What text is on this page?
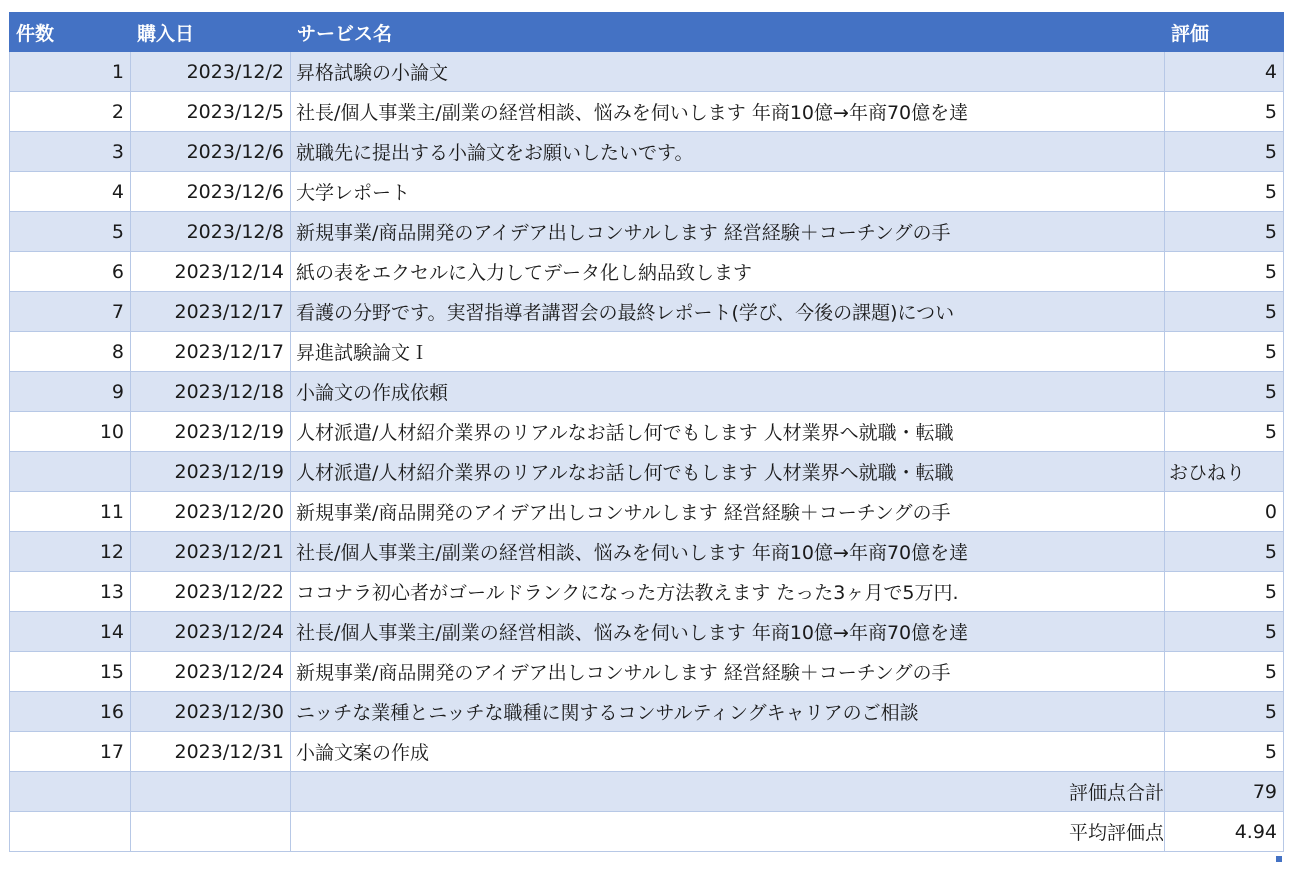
件数	購入日	サービス名	評価
1	2023/12/2	昇格試験の小論文	4
2	2023/12/5	社長/個人事業主/副業の経営相談、悩みを伺いします 年商10億→年商70億を達	5
3	2023/12/6	就職先に提出する小論文をお願いしたいです。	5
4	2023/12/6	大学レポート	5
5	2023/12/8	新規事業/商品開発のアイデア出しコンサルします 経営経験＋コーチングの手	5
6	2023/12/14	紙の表をエクセルに入力してデータ化し納品致します	5
7	2023/12/17	看護の分野です。実習指導者講習会の最終レポート(学び、今後の課題)につい	5
8	2023/12/17	昇進試験論文Ｉ	5
9	2023/12/18	小論文の作成依頼	5
10	2023/12/19	人材派遣/人材紹介業界のリアルなお話し何でもします 人材業界へ就職・転職	5
	2023/12/19	人材派遣/人材紹介業界のリアルなお話し何でもします 人材業界へ就職・転職	おひねり
11	2023/12/20	新規事業/商品開発のアイデア出しコンサルします 経営経験＋コーチングの手	0
12	2023/12/21	社長/個人事業主/副業の経営相談、悩みを伺いします 年商10億→年商70億を達	5
13	2023/12/22	ココナラ初心者がゴールドランクになった方法教えます たった3ヶ月で5万円.	5
14	2023/12/24	社長/個人事業主/副業の経営相談、悩みを伺いします 年商10億→年商70億を達	5
15	2023/12/24	新規事業/商品開発のアイデア出しコンサルします 経営経験＋コーチングの手	5
16	2023/12/30	ニッチな業種とニッチな職種に関するコンサルティングキャリアのご相談	5
17	2023/12/31	小論文案の作成	5
		評価点合計	79
		平均評価点	4.94
